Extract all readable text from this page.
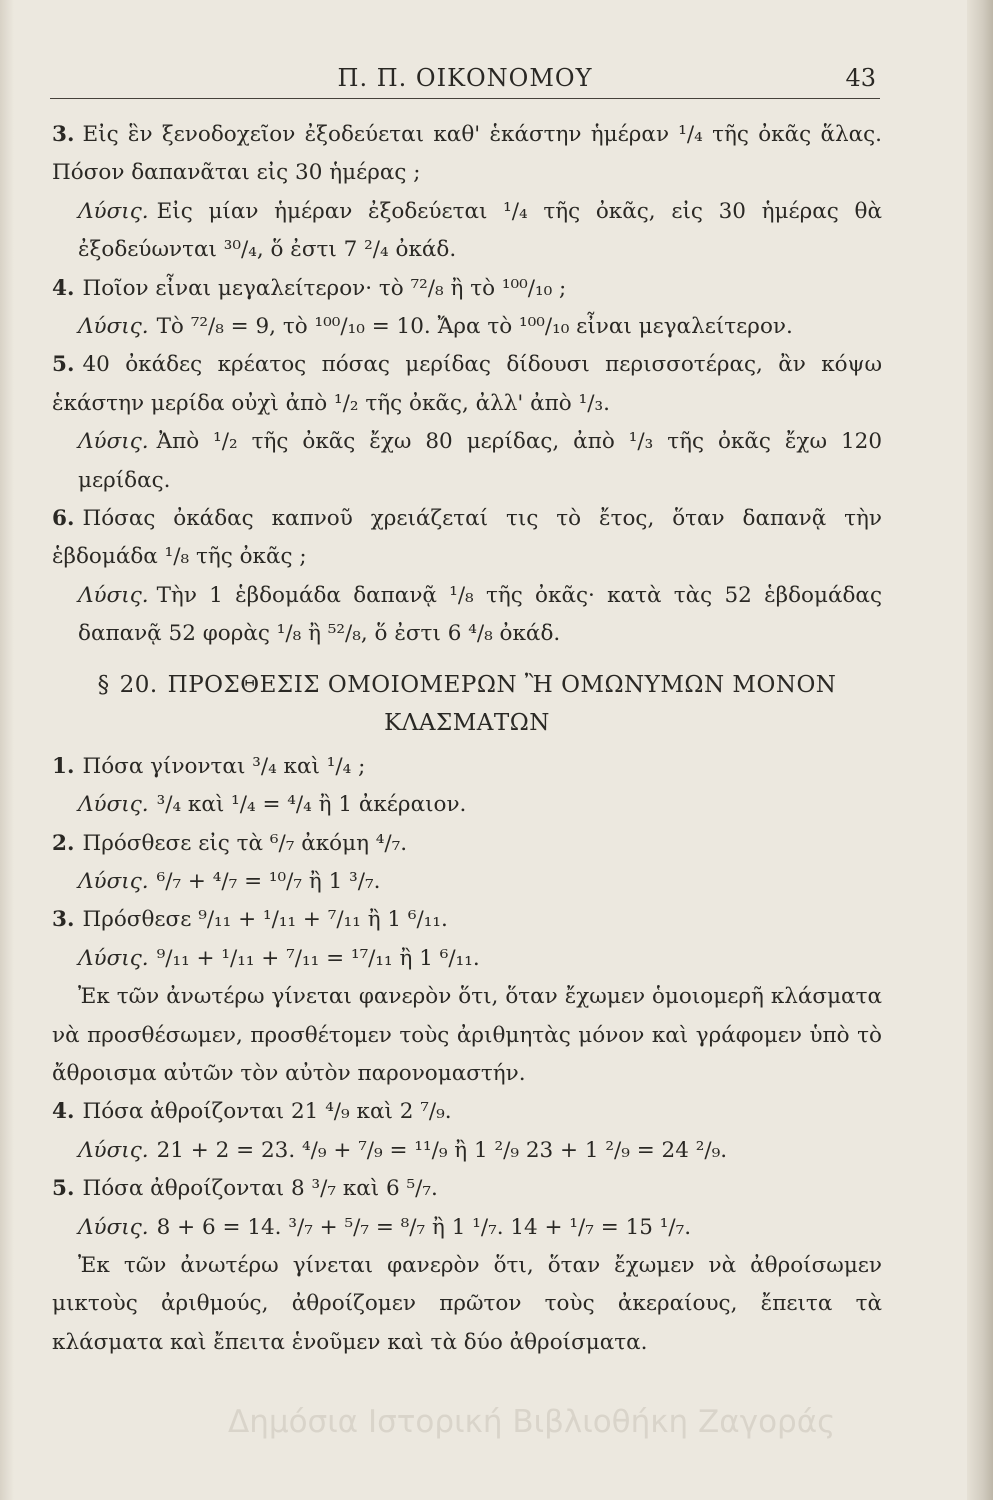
Π. Π. ΟΙΚΟΝΟΜΟΥ	43

3. Εἰς ἓν ξενοδοχεῖον ἐξοδεύεται καθ' ἑκάστην ἡμέραν ¹/₄ τῆς ὀκᾶς ἅλας. Πόσον δαπανᾶται εἰς 30 ἡμέρας ;

Λύσις. Εἰς μίαν ἡμέραν ἐξοδεύεται ¹/₄ τῆς ὀκᾶς, εἰς 30 ἡμέρας θὰ ἐξοδεύωνται ³⁰/₄, ὅ ἐστι 7 ²/₄ ὀκάδ.

4. Ποῖον εἶναι μεγαλείτερον· τὸ ⁷²/₈ ἢ τὸ ¹⁰⁰/₁₀ ;

Λύσις. Τὸ ⁷²/₈ = 9, τὸ ¹⁰⁰/₁₀ = 10. Ἄρα τὸ ¹⁰⁰/₁₀ εἶναι μεγαλείτερον.

5. 40 ὀκάδες κρέατος πόσας μερίδας δίδουσι περισσοτέρας, ἂν κόψω ἑκάστην μερίδα οὐχὶ ἀπὸ ¹/₂ τῆς ὀκᾶς, ἀλλ' ἀπὸ ¹/₃.

Λύσις. Ἀπὸ ¹/₂ τῆς ὀκᾶς ἔχω 80 μερίδας, ἀπὸ ¹/₃ τῆς ὀκᾶς ἔχω 120 μερίδας.

6. Πόσας ὀκάδας καπνοῦ χρειάζεταί τις τὸ ἔτος, ὅταν δαπανᾷ τὴν ἑβδομάδα ¹/₈ τῆς ὀκᾶς ;

Λύσις. Τὴν 1 ἑβδομάδα δαπανᾷ ¹/₈ τῆς ὀκᾶς· κατὰ τὰς 52 ἑβδομάδας δαπανᾷ 52 φορὰς ¹/₈ ἢ ⁵²/₈, ὅ ἐστι 6 ⁴/₈ ὀκάδ.

§ 20. ΠΡΟΣΘΕΣΙΣ ΟΜΟΙΟΜΕΡΩΝ Ἢ ΟΜΩΝΥΜΩΝ ΜΟΝΟΝ
ΚΛΑΣΜΑΤΩΝ

1. Πόσα γίνονται ³/₄ καὶ ¹/₄ ;

Λύσις. ³/₄ καὶ ¹/₄ = ⁴/₄ ἢ 1 ἀκέραιον.

2. Πρόσθεσε εἰς τὰ ⁶/₇ ἀκόμη ⁴/₇.

Λύσις. ⁶/₇ + ⁴/₇ = ¹⁰/₇ ἢ 1 ³/₇.

3. Πρόσθεσε ⁹/₁₁ + ¹/₁₁ + ⁷/₁₁ ἢ 1 ⁶/₁₁.

Λύσις. ⁹/₁₁ + ¹/₁₁ + ⁷/₁₁ = ¹⁷/₁₁ ἢ 1 ⁶/₁₁.

Ἐκ τῶν ἀνωτέρω γίνεται φανερὸν ὅτι, ὅταν ἔχωμεν ὁμοιομερῆ κλάσματα νὰ προσθέσωμεν, προσθέτομεν τοὺς ἀριθμητὰς μόνον καὶ γράφομεν ὑπὸ τὸ ἄθροισμα αὐτῶν τὸν αὐτὸν παρονομαστήν.

4. Πόσα ἀθροίζονται 21 ⁴/₉ καὶ 2 ⁷/₉.

Λύσις. 21 + 2 = 23. ⁴/₉ + ⁷/₉ = ¹¹/₉ ἢ 1 ²/₉ 23 + 1 ²/₉ = 24 ²/₉.

5. Πόσα ἀθροίζονται 8 ³/₇ καὶ 6 ⁵/₇.

Λύσις. 8 + 6 = 14. ³/₇ + ⁵/₇ = ⁸/₇ ἢ 1 ¹/₇. 14 + ¹/₇ = 15 ¹/₇.

Ἐκ τῶν ἀνωτέρω γίνεται φανερὸν ὅτι, ὅταν ἔχωμεν νὰ ἀθροίσωμεν μικτοὺς ἀριθμούς, ἀθροίζομεν πρῶτον τοὺς ἀκεραίους, ἔπειτα τὰ κλάσματα καὶ ἔπειτα ἑνοῦμεν καὶ τὰ δύο ἀθροίσματα.

Δημόσια Ιστορική Βιβλιοθήκη Ζαγοράς
